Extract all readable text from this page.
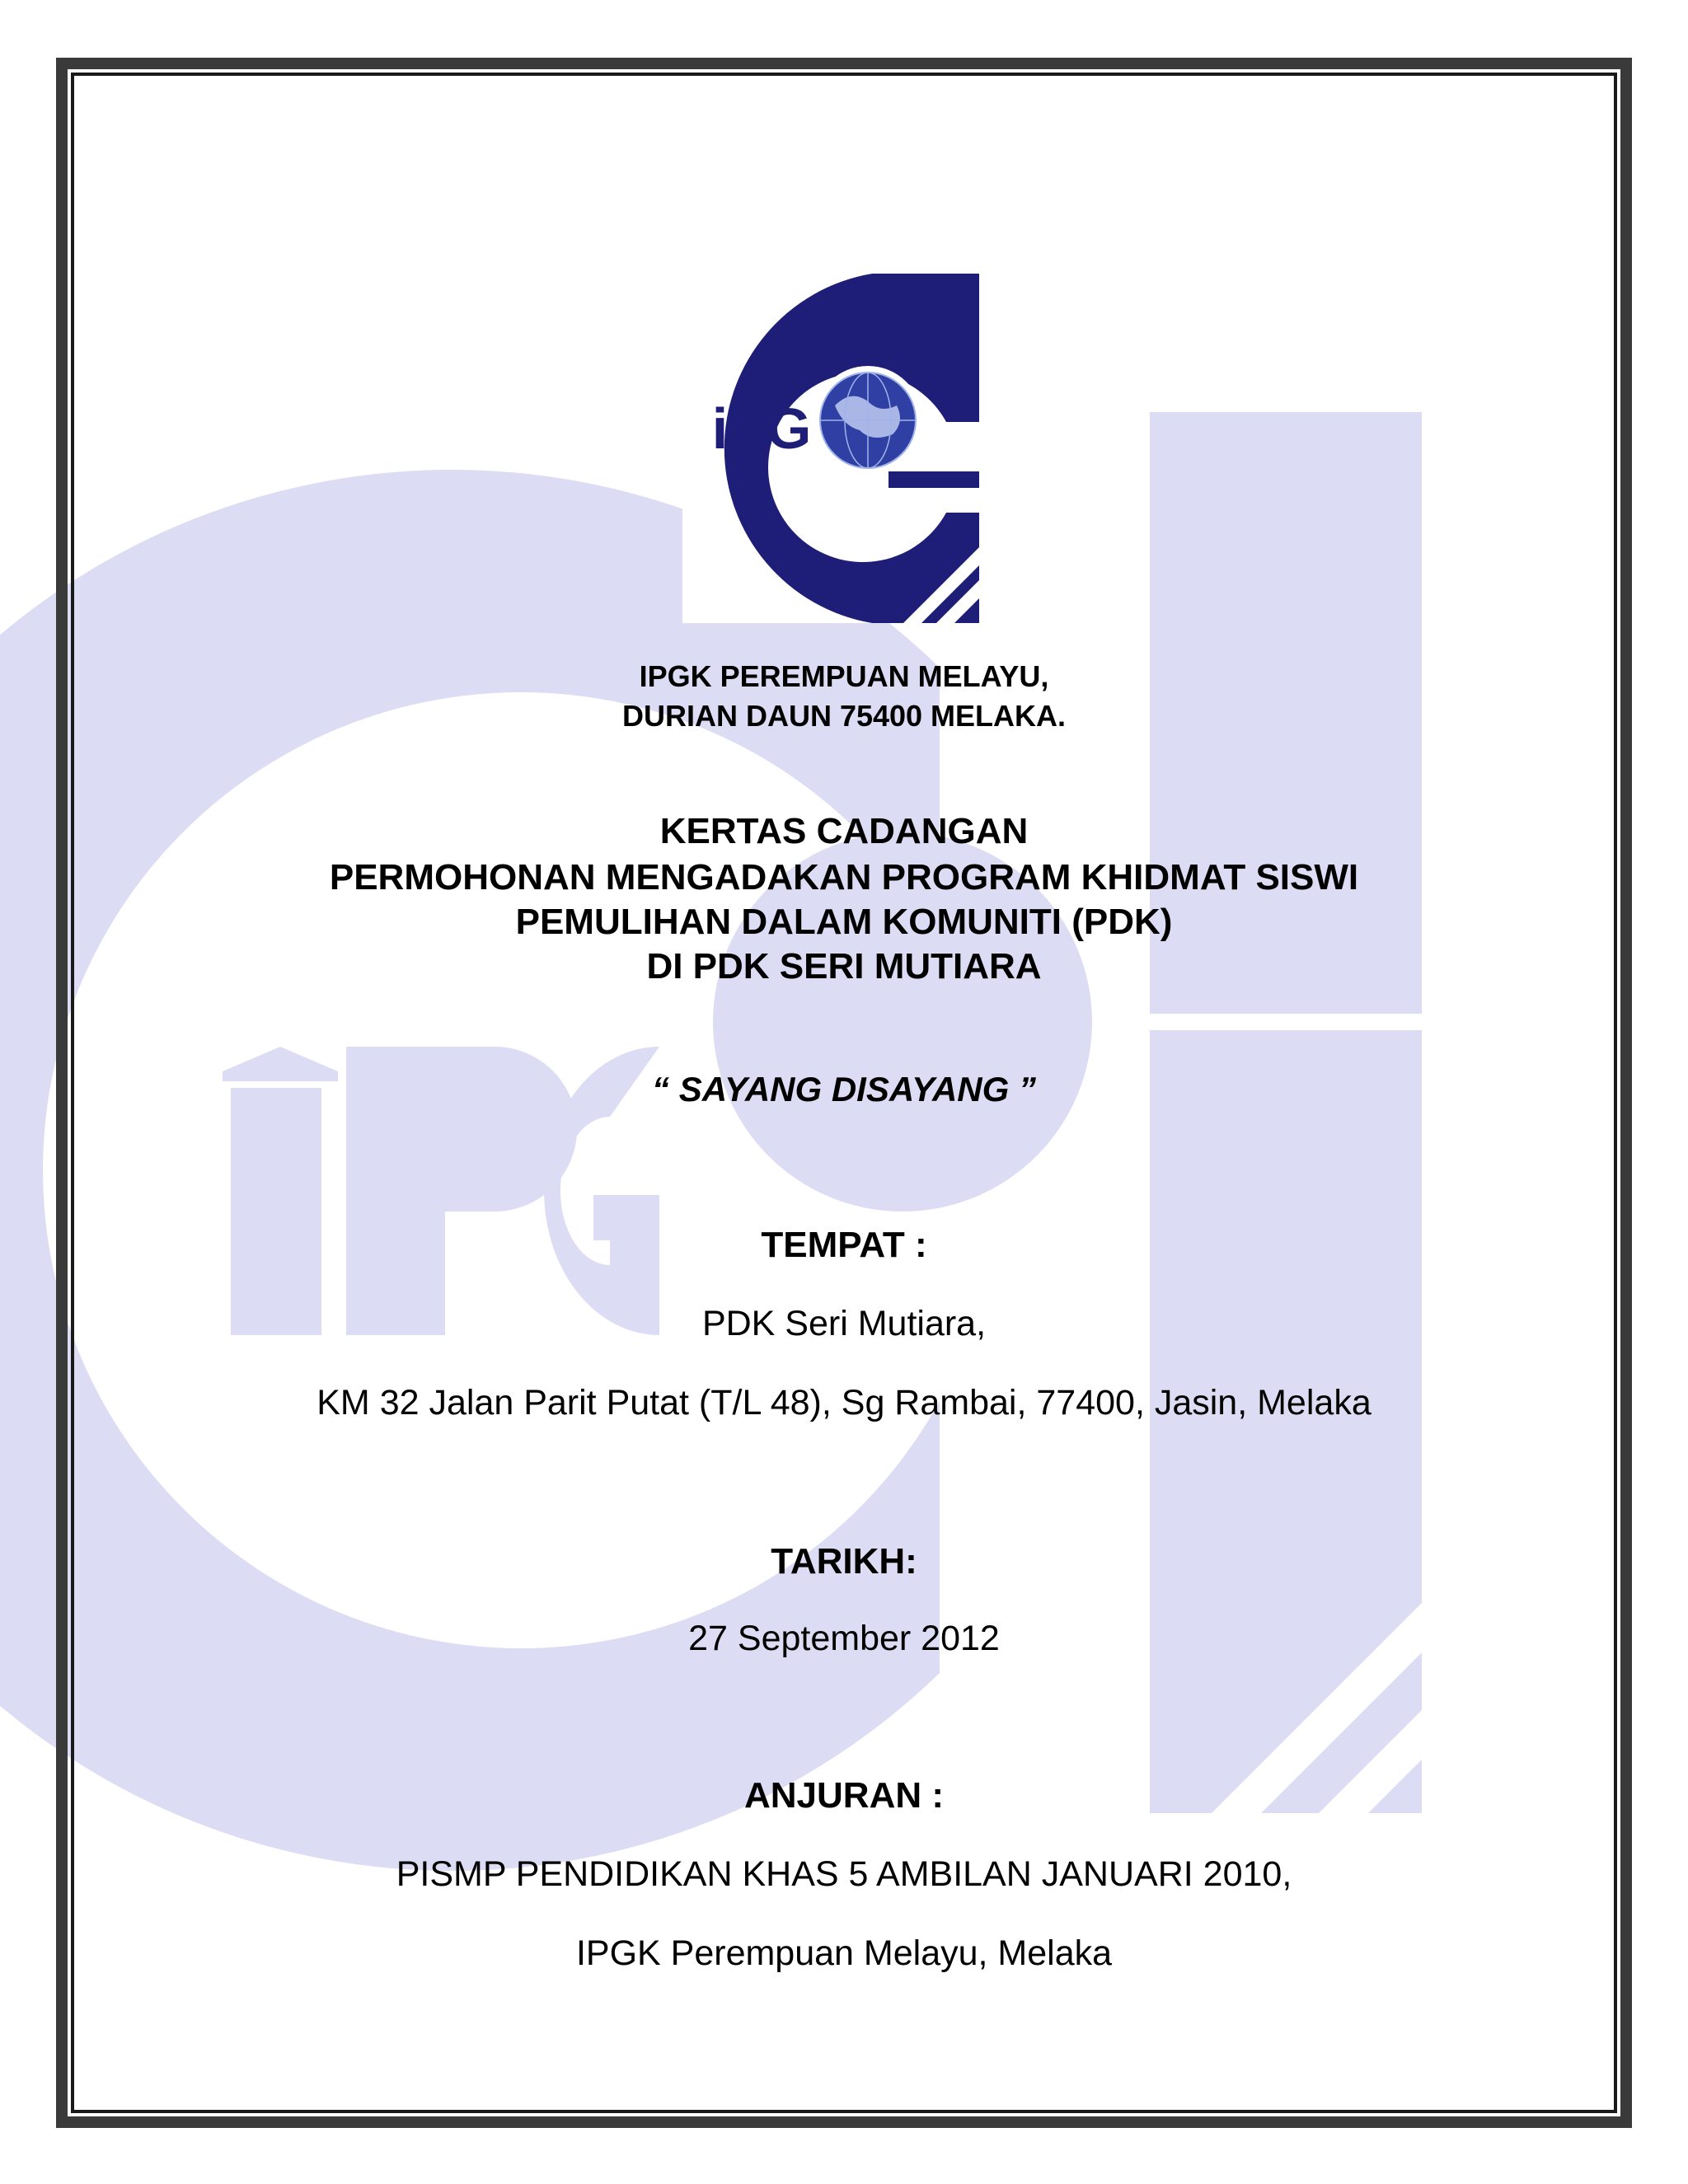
iPG

IPGK PEREMPUAN MELAYU,

DURIAN DAUN 75400 MELAKA.

KERTAS CADANGAN

PERMOHONAN MENGADAKAN PROGRAM KHIDMAT SISWI

PEMULIHAN DALAM KOMUNITI (PDK)

DI PDK SERI MUTIARA

“ SAYANG DISAYANG ”

TEMPAT :

PDK Seri Mutiara,

KM 32 Jalan Parit Putat (T/L 48), Sg Rambai, 77400, Jasin, Melaka

TARIKH:

27 September 2012

ANJURAN :

PISMP PENDIDIKAN KHAS 5 AMBILAN JANUARI 2010,

IPGK Perempuan Melayu, Melaka
